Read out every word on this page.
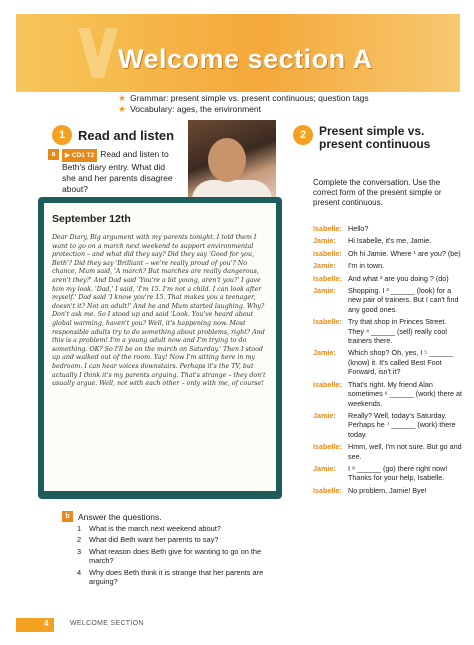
Welcome section A
★ Grammar: present simple vs. present continuous; question tags
★ Vocabulary: ages, the environment
1 Read and listen
a	▶ CD1 T2 Read and listen to Beth's diary entry. What did she and her parents disagree about?
September 12th
Dear Diary, Big argument with my parents tonight. I told them I want to go on a march next weekend to support environmental protection – and what did they say? Did they say 'Good for you, Beth'? Did they say 'Brilliant – we're really proud of you'? No chance, Mum said, 'A march? But marches are really dangerous, aren't they?' And Dad said 'You're a bit young, aren't you?' I gave him my look. 'Dad,' I said, 'I'm 15. I'm not a child. I can look after myself.' Dad said 'I know you're 15. That makes you a teenager, doesn't it? Not an adult!' And he and Mum started laughing. Why? Don't ask me. So I stood up and said 'Look. You've heard about global warming, haven't you? Well, it's happening now. Most responsible adults try to do something about problems, right? And this is a problem! I'm a young adult now and I'm trying to do something. OK? So I'll be on the march on Saturday.' Then I stood up and walked out of the room. Yay! Now I'm sitting here in my bedroom. I can hear voices downstairs. Perhaps it's the TV, but actually I think it's my parents arguing. That's strange – they don't usually argue. Well, not with each other – only with me, of course!
b Answer the questions.
1 What is the march next weekend about?
2 What did Beth want her parents to say?
3 What reason does Beth give for wanting to go on the march?
4 Why does Beth think it is strange that her parents are arguing?
2	Present simple vs. present continuous
Complete the conversation. Use the correct form of the present simple or present continuous.
Isabelle: Hello?
Jamie:	Hi Isabelle, it's me, Jamie.
Isabelle: Oh hi Jamie. Where ¹ are you? (be)
Jamie:	I'm in town.
Isabelle: And what ² are you doing ? (do)
Jamie:	Shopping. I ³ ______ (look) for a new pair of trainers. But I can't find any good ones.
Isabelle: Try that shop in Princes Street. They ⁴ ______ (sell) really cool trainers there.
Jamie:	Which shop? Oh, yes, I ⁵ ______ (know) it. It's called Best Foot Forward, isn't it?
Isabelle: That's right. My friend Alan sometimes ⁶ ______ (work) there at weekends.
Jamie:	Really? Well, today's Saturday. Perhaps he ⁷ ______ (work) there today.
Isabelle: Hmm, well, I'm not sure. But go and see.
Jamie:	I ⁸ ______ (go) there right now! Thanks for your help, Isabelle.
Isabelle: No problem, Jamie! Bye!
4	WELCOME SECTION
